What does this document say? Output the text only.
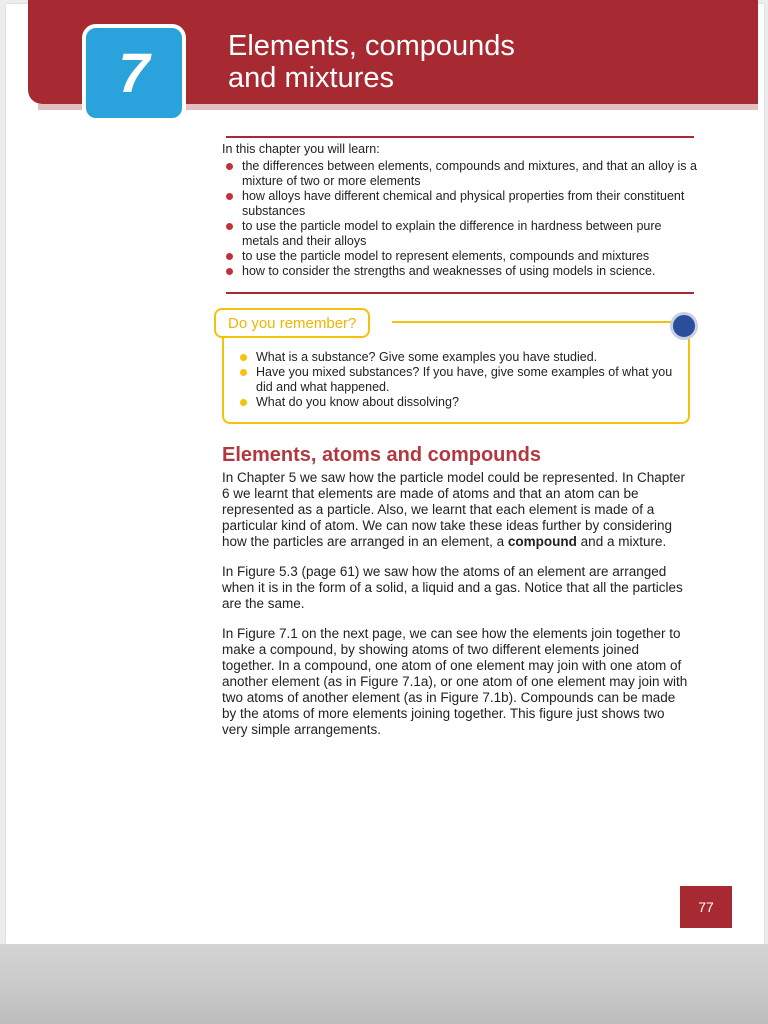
7	Elements, compounds
and mixtures

In this chapter you will learn:

the differences between elements, compounds and mixtures, and that an alloy is a mixture of two or more elements
how alloys have different chemical and physical properties from their constituent substances
to use the particle model to explain the difference in hardness between pure metals and their alloys
to use the particle model to represent elements, compounds and mixtures
how to consider the strengths and weaknesses of using models in science.
Do you remember?
What is a substance? Give some examples you have studied.
Have you mixed substances? If you have, give some examples of what you did and what happened.
What do you know about dissolving?
Elements, atoms and compounds

In Chapter 5 we saw how the particle model could be represented. In Chapter 6 we learnt that elements are made of atoms and that an atom can be represented as a particle. Also, we learnt that each element is made of a particular kind of atom. We can now take these ideas further by considering how the particles are arranged in an element, a compound and a mixture.

In Figure 5.3 (page 61) we saw how the atoms of an element are arranged when it is in the form of a solid, a liquid and a gas. Notice that all the particles are the same.

In Figure 7.1 on the next page, we can see how the elements join together to make a compound, by showing atoms of two different elements joined together. In a compound, one atom of one element may join with one atom of another element (as in Figure 7.1a), or one atom of one element may join with two atoms of another element (as in Figure 7.1b). Compounds can be made by the atoms of more elements joining together. This figure just shows two very simple arrangements.

77
